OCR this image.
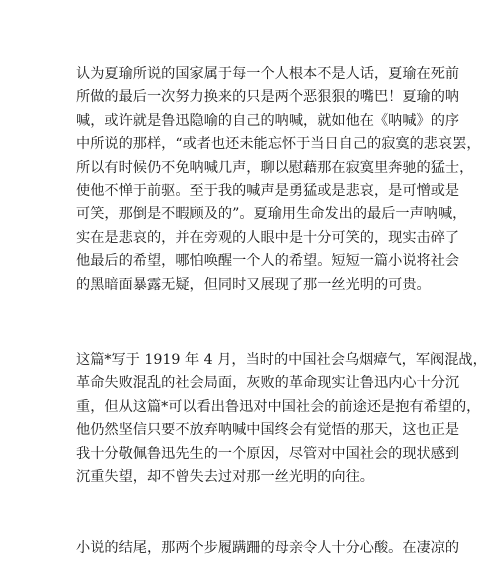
认为夏瑜所说的国家属于每一个人根本不是人话，夏瑜在死前
所做的最后一次努力换来的只是两个恶狠狠的嘴巴！夏瑜的呐
喊，或许就是鲁迅隐喻的自己的呐喊，就如他在《呐喊》的序
中所说的那样，“或者也还未能忘怀于当日自己的寂寞的悲哀罢，
所以有时候仍不免呐喊几声，聊以慰藉那在寂寞里奔驰的猛士，
使他不惮于前驱。至于我的喊声是勇猛或是悲哀，是可憎或是
可笑，那倒是不暇顾及的”。夏瑜用生命发出的最后一声呐喊，
实在是悲哀的，并在旁观的人眼中是十分可笑的，现实击碎了
他最后的希望，哪怕唤醒一个人的希望。短短一篇小说将社会
的黑暗面暴露无疑，但同时又展现了那一丝光明的可贵。

这篇*写于 1919 年 4 月，当时的中国社会乌烟瘴气，军阀混战，
革命失败混乱的社会局面，灰败的革命现实让鲁迅内心十分沉
重，但从这篇*可以看出鲁迅对中国社会的前途还是抱有希望的，
他仍然坚信只要不放弃呐喊中国终会有觉悟的那天，这也正是
我十分敬佩鲁迅先生的一个原因，尽管对中国社会的现状感到
沉重失望，却不曾失去过对那一丝光明的向往。

小说的结尾，那两个步履蹒跚的母亲令人十分心酸。在凄凉的
